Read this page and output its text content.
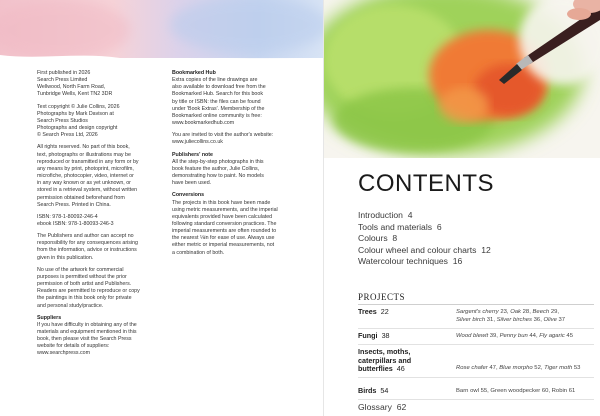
First published in 2026
Search Press Limited
Wellwood, North Farm Road,
Tunbridge Wells, Kent TN2 3DR

Text copyright © Julie Collins, 2026
Photographs by Mark Davison at
Search Press Studios
Photographs and design copyright
© Search Press Ltd, 2026

All rights reserved. No part of this book,
text, photographs or illustrations may be
reproduced or transmitted in any form or by
any means by print, photoprint, microfilm,
microfiche, photocopier, video, internet or
in any way known or as yet unknown, or
stored in a retrieval system, without written
permission obtained beforehand from
Search Press. Printed in China.

ISBN: 978-1-80092-246-4
ebook ISBN: 978-1-80093-246-3

The Publishers and author can accept no
responsibility for any consequences arising
from the information, advice or instructions
given in this publication.

No use of the artwork for commercial
purposes is permitted without the prior
permission of both artist and Publishers.
Readers are permitted to reproduce or copy
the paintings in this book only for private
and personal study/practice.

Suppliers
If you have difficulty in obtaining any of the
materials and equipment mentioned in this
book, then please visit the Search Press
website for details of suppliers:
www.searchpress.com

Bookmarked Hub
Extra copies of the line drawings are
also available to download free from the
Bookmarked Hub. Search for this book
by title or ISBN: the files can be found
under 'Book Extras'. Membership of the
Bookmarked online community is free:
www.bookmarkedhub.com

You are invited to visit the author's website:
www.juliecollins.co.uk

Publishers' note
All the step-by-step photographs in this
book feature the author, Julie Collins,
demonstrating how to paint. No models
have been used.

Conversions
The projects in this book have been made
using metric measurements, and the imperial
equivalents provided have been calculated
following standard conversion practices. The
imperial measurements are often rounded to
the nearest ⅛in for ease of use. Always use
either metric or imperial measurements, not
a combination of both.

CONTENTS
Introduction 4
Tools and materials 6
Colours 8
Colour wheel and colour charts 12
Watercolour techniques 16
PROJECTS
Trees 22	Sargent's cherry 23, Oak 28, Beech 29,
Silver birch 31, Silver birches 36, Olive 37
Fungi 38	Wood blewit 39, Penny bun 44, Fly agaric 45
Insects, moths, caterpillars and butterflies 46	Rose chafer 47, Blue morpho 52, Tiger moth 53
Birds 54	Barn owl 55, Green woodpecker 60, Robin 61
Glossary 62
